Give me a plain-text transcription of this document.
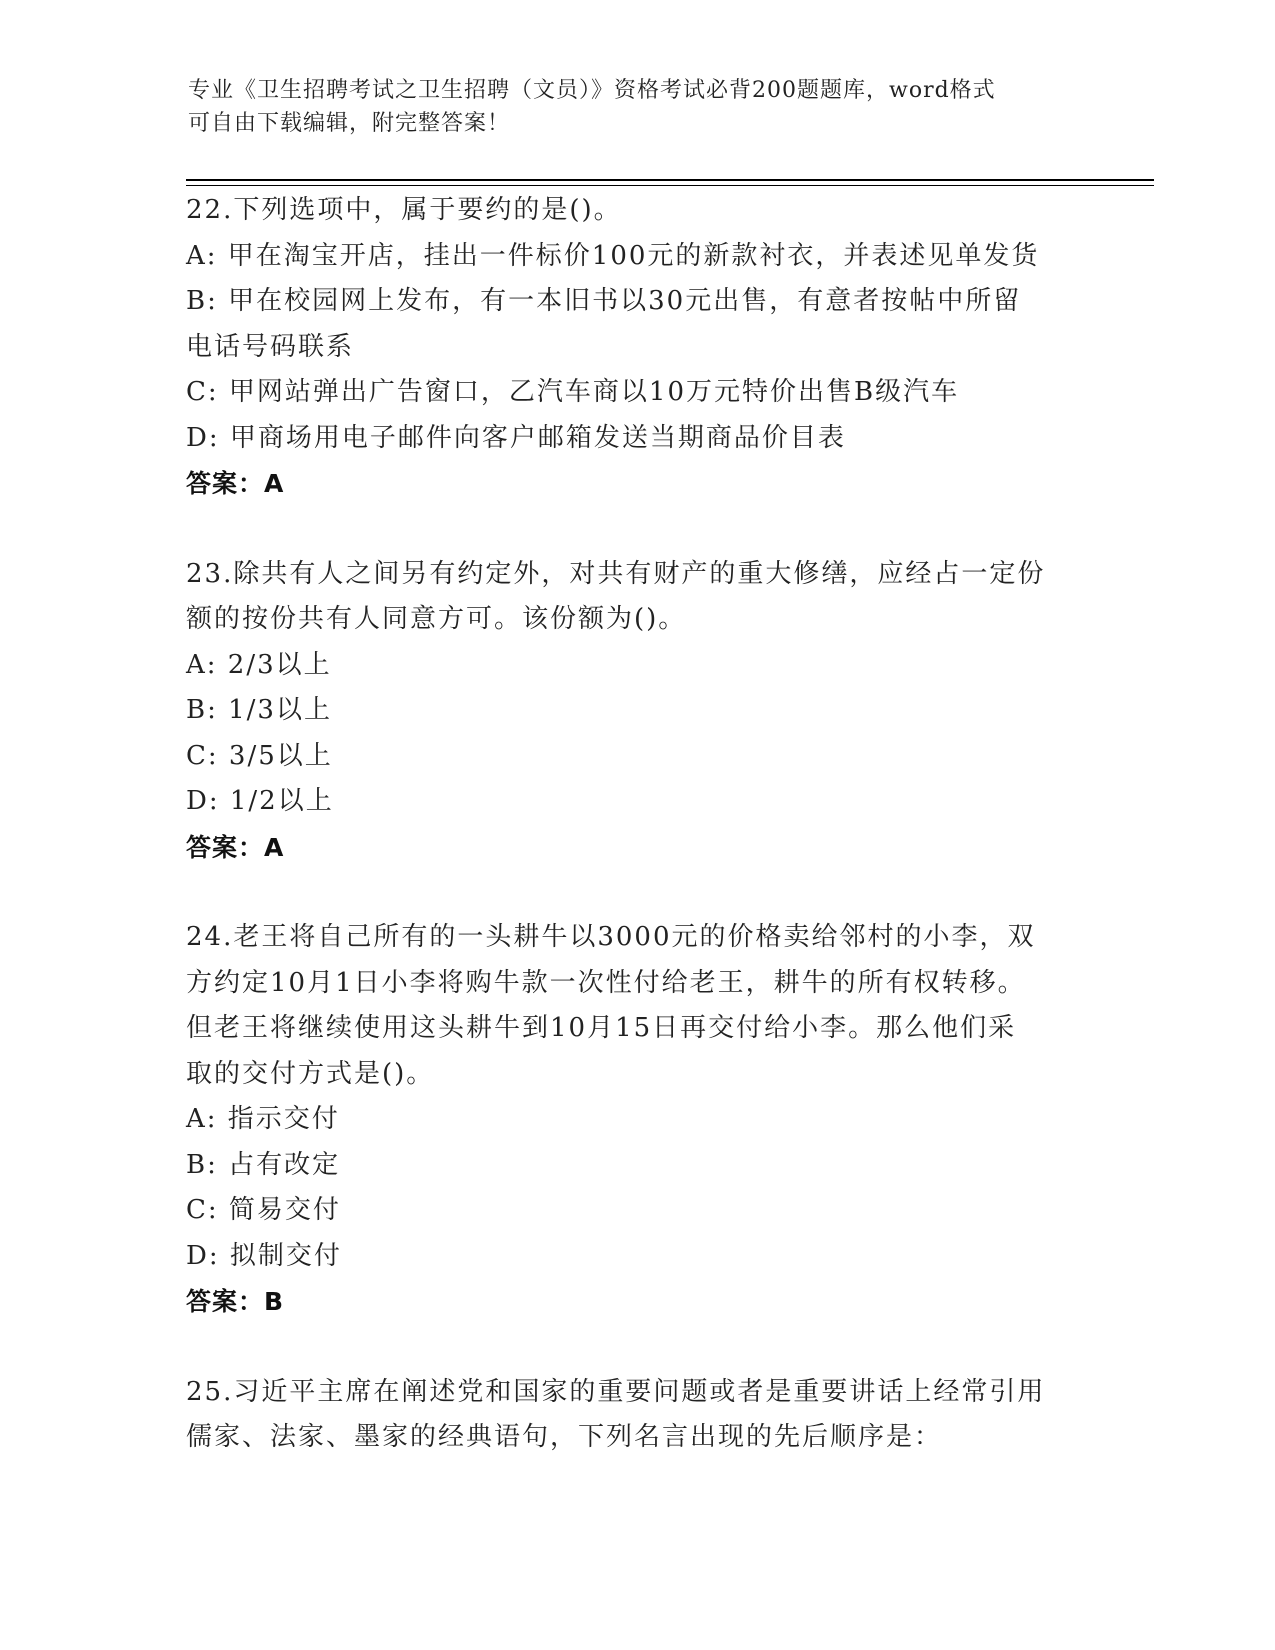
专业《卫生招聘考试之卫生招聘（文员）》资格考试必背200题题库，word格式
可自由下载编辑，附完整答案！

22.下列选项中，属于要约的是()。

A: 甲在淘宝开店，挂出一件标价100元的新款衬衣，并表述见单发货

B: 甲在校园网上发布，有一本旧书以30元出售，有意者按帖中所留

电话号码联系

C: 甲网站弹出广告窗口，乙汽车商以10万元特价出售B级汽车

D: 甲商场用电子邮件向客户邮箱发送当期商品价目表

答案：A

23.除共有人之间另有约定外，对共有财产的重大修缮，应经占一定份

额的按份共有人同意方可。该份额为()。

A: 2/3以上

B: 1/3以上

C: 3/5以上

D: 1/2以上

答案：A

24.老王将自己所有的一头耕牛以3000元的价格卖给邻村的小李，双

方约定10月1日小李将购牛款一次性付给老王，耕牛的所有权转移。

但老王将继续使用这头耕牛到10月15日再交付给小李。那么他们采

取的交付方式是()。

A: 指示交付

B: 占有改定

C: 简易交付

D: 拟制交付

答案：B

25.习近平主席在阐述党和国家的重要问题或者是重要讲话上经常引用

儒家、法家、墨家的经典语句，下列名言出现的先后顺序是：
